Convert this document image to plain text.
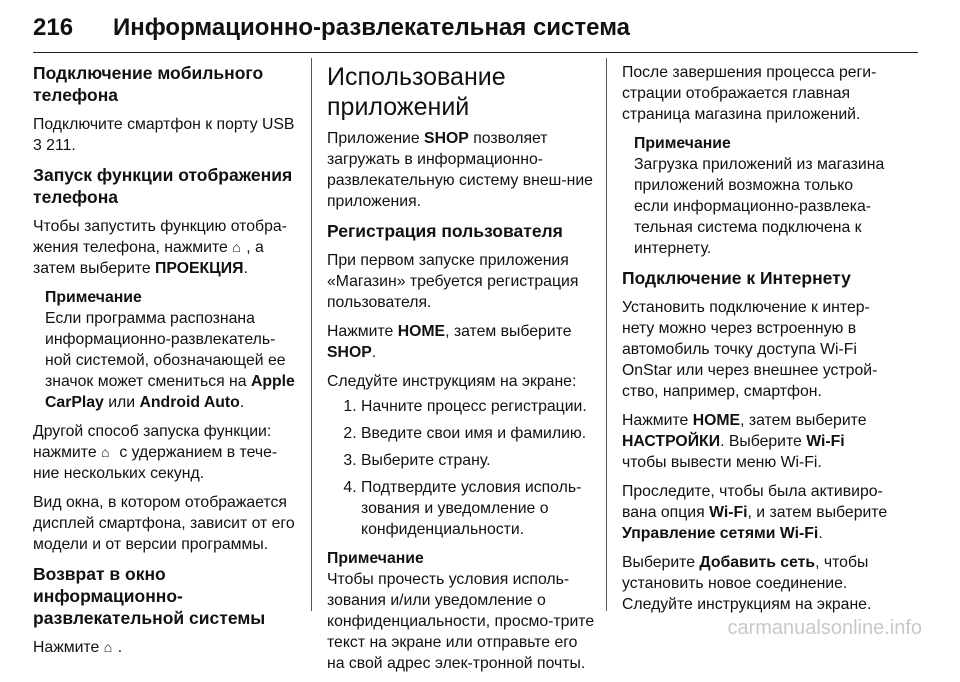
216 Информационно-развлекательная система
Подключение мобильного телефона

Подключите смартфон к порту USB
3 211.

Запуск функции отображения телефона

Чтобы запустить функцию отобра-жения телефона, нажмите ⌂ , а затем выберите ПРОЕКЦИЯ.

Примечание
Если программа распознана информационно-развлекатель-ной системой, обозначающей ее значок может смениться на Apple CarPlay или Android Auto.

Другой способ запуска функции: нажмите ⌂ с удержанием в тече-ние нескольких секунд.

Вид окна, в котором отображается дисплей смартфона, зависит от его модели и от версии программы.

Возврат в окно информационно-развлекательной системы

Нажмите ⌂ .

Использование приложений

Приложение SHOP позволяет загружать в информационно-развлекательную систему внеш-ние приложения.

Регистрация пользователя

При первом запуске приложения «Магазин» требуется регистрация пользователя.

Нажмите HOME, затем выберите SHOP.

Следуйте инструкциям на экране:

1. Начните процесс регистрации.
2. Введите свои имя и фамилию.
3. Выберите страну.
4. Подтвердите условия исполь-зования и уведомление о конфиденциальности.
Примечание
Чтобы прочесть условия исполь-зования и/или уведомление о конфиденциальности, просмо-трите текст на экране или отправьте его на свой адрес элек-тронной почты.

После завершения процесса реги-страции отображается главная страница магазина приложений.

Примечание
Загрузка приложений из магазина приложений возможна только если информационно-развлека-тельная система подключена к интернету.
Подключение к Интернету

Установить подключение к интер-нету можно через встроенную в автомобиль точку доступа Wi-Fi OnStar или через внешнее устрой-ство, например, смартфон.

Нажмите HOME, затем выберите НАСТРОЙКИ. Выберите Wi-Fi чтобы вывести меню Wi-Fi.

Проследите, чтобы была активиро-вана опция Wi-Fi, и затем выберите Управление сетями Wi-Fi.

Выберите Добавить сеть, чтобы установить новое соединение.

Следуйте инструкциям на экране.

carmanualsonline.info
